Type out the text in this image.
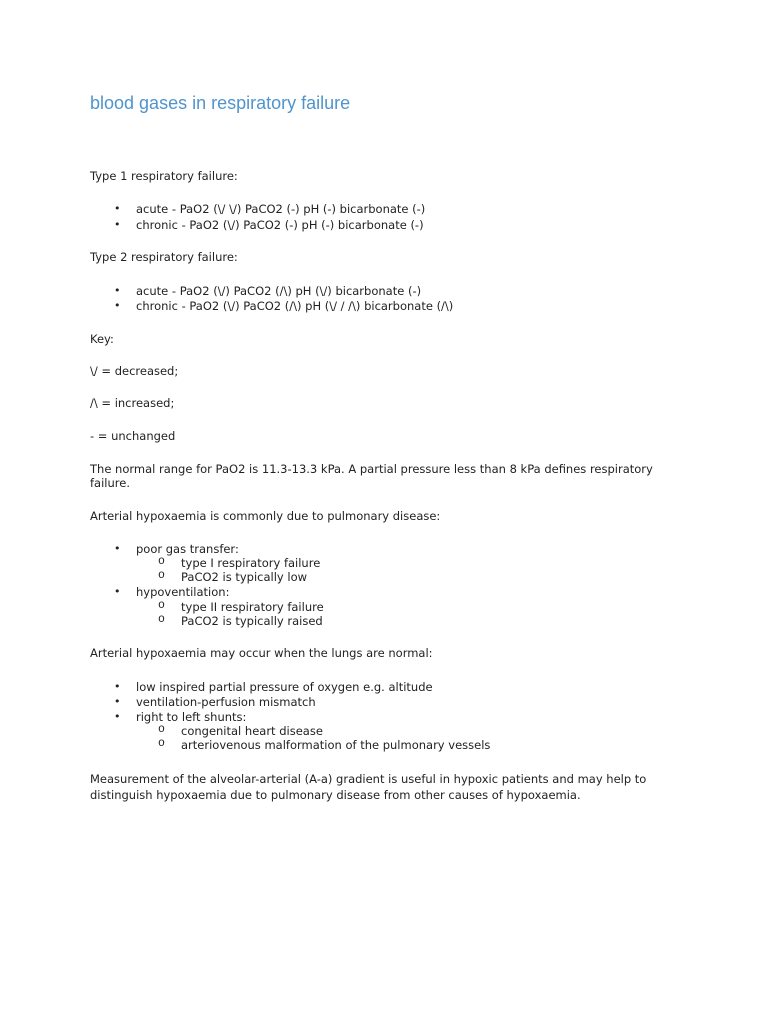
blood gases in respiratory failure

Type 1 respiratory failure:

• acute - PaO2 (\/ \/) PaCO2 (-) pH (-) bicarbonate (-)
• chronic - PaO2 (\/) PaCO2 (-) pH (-) bicarbonate (-)

Type 2 respiratory failure:

• acute - PaO2 (\/) PaCO2 (/\) pH (\/) bicarbonate (-)
• chronic - PaO2 (\/) PaCO2 (/\) pH (\/ / /\) bicarbonate (/\)

Key:

\/ = decreased;

/\ = increased;

- = unchanged

The normal range for PaO2 is 11.3-13.3 kPa. A partial pressure less than 8 kPa defines respiratory failure.

Arterial hypoxaemia is commonly due to pulmonary disease:

• poor gas transfer:
o type I respiratory failure
o PaCO2 is typically low
• hypoventilation:
o type II respiratory failure
o PaCO2 is typically raised

Arterial hypoxaemia may occur when the lungs are normal:

• low inspired partial pressure of oxygen e.g. altitude
• ventilation-perfusion mismatch
• right to left shunts:
o congenital heart disease
o arteriovenous malformation of the pulmonary vessels

Measurement of the alveolar-arterial (A-a) gradient is useful in hypoxic patients and may help to distinguish hypoxaemia due to pulmonary disease from other causes of hypoxaemia.
